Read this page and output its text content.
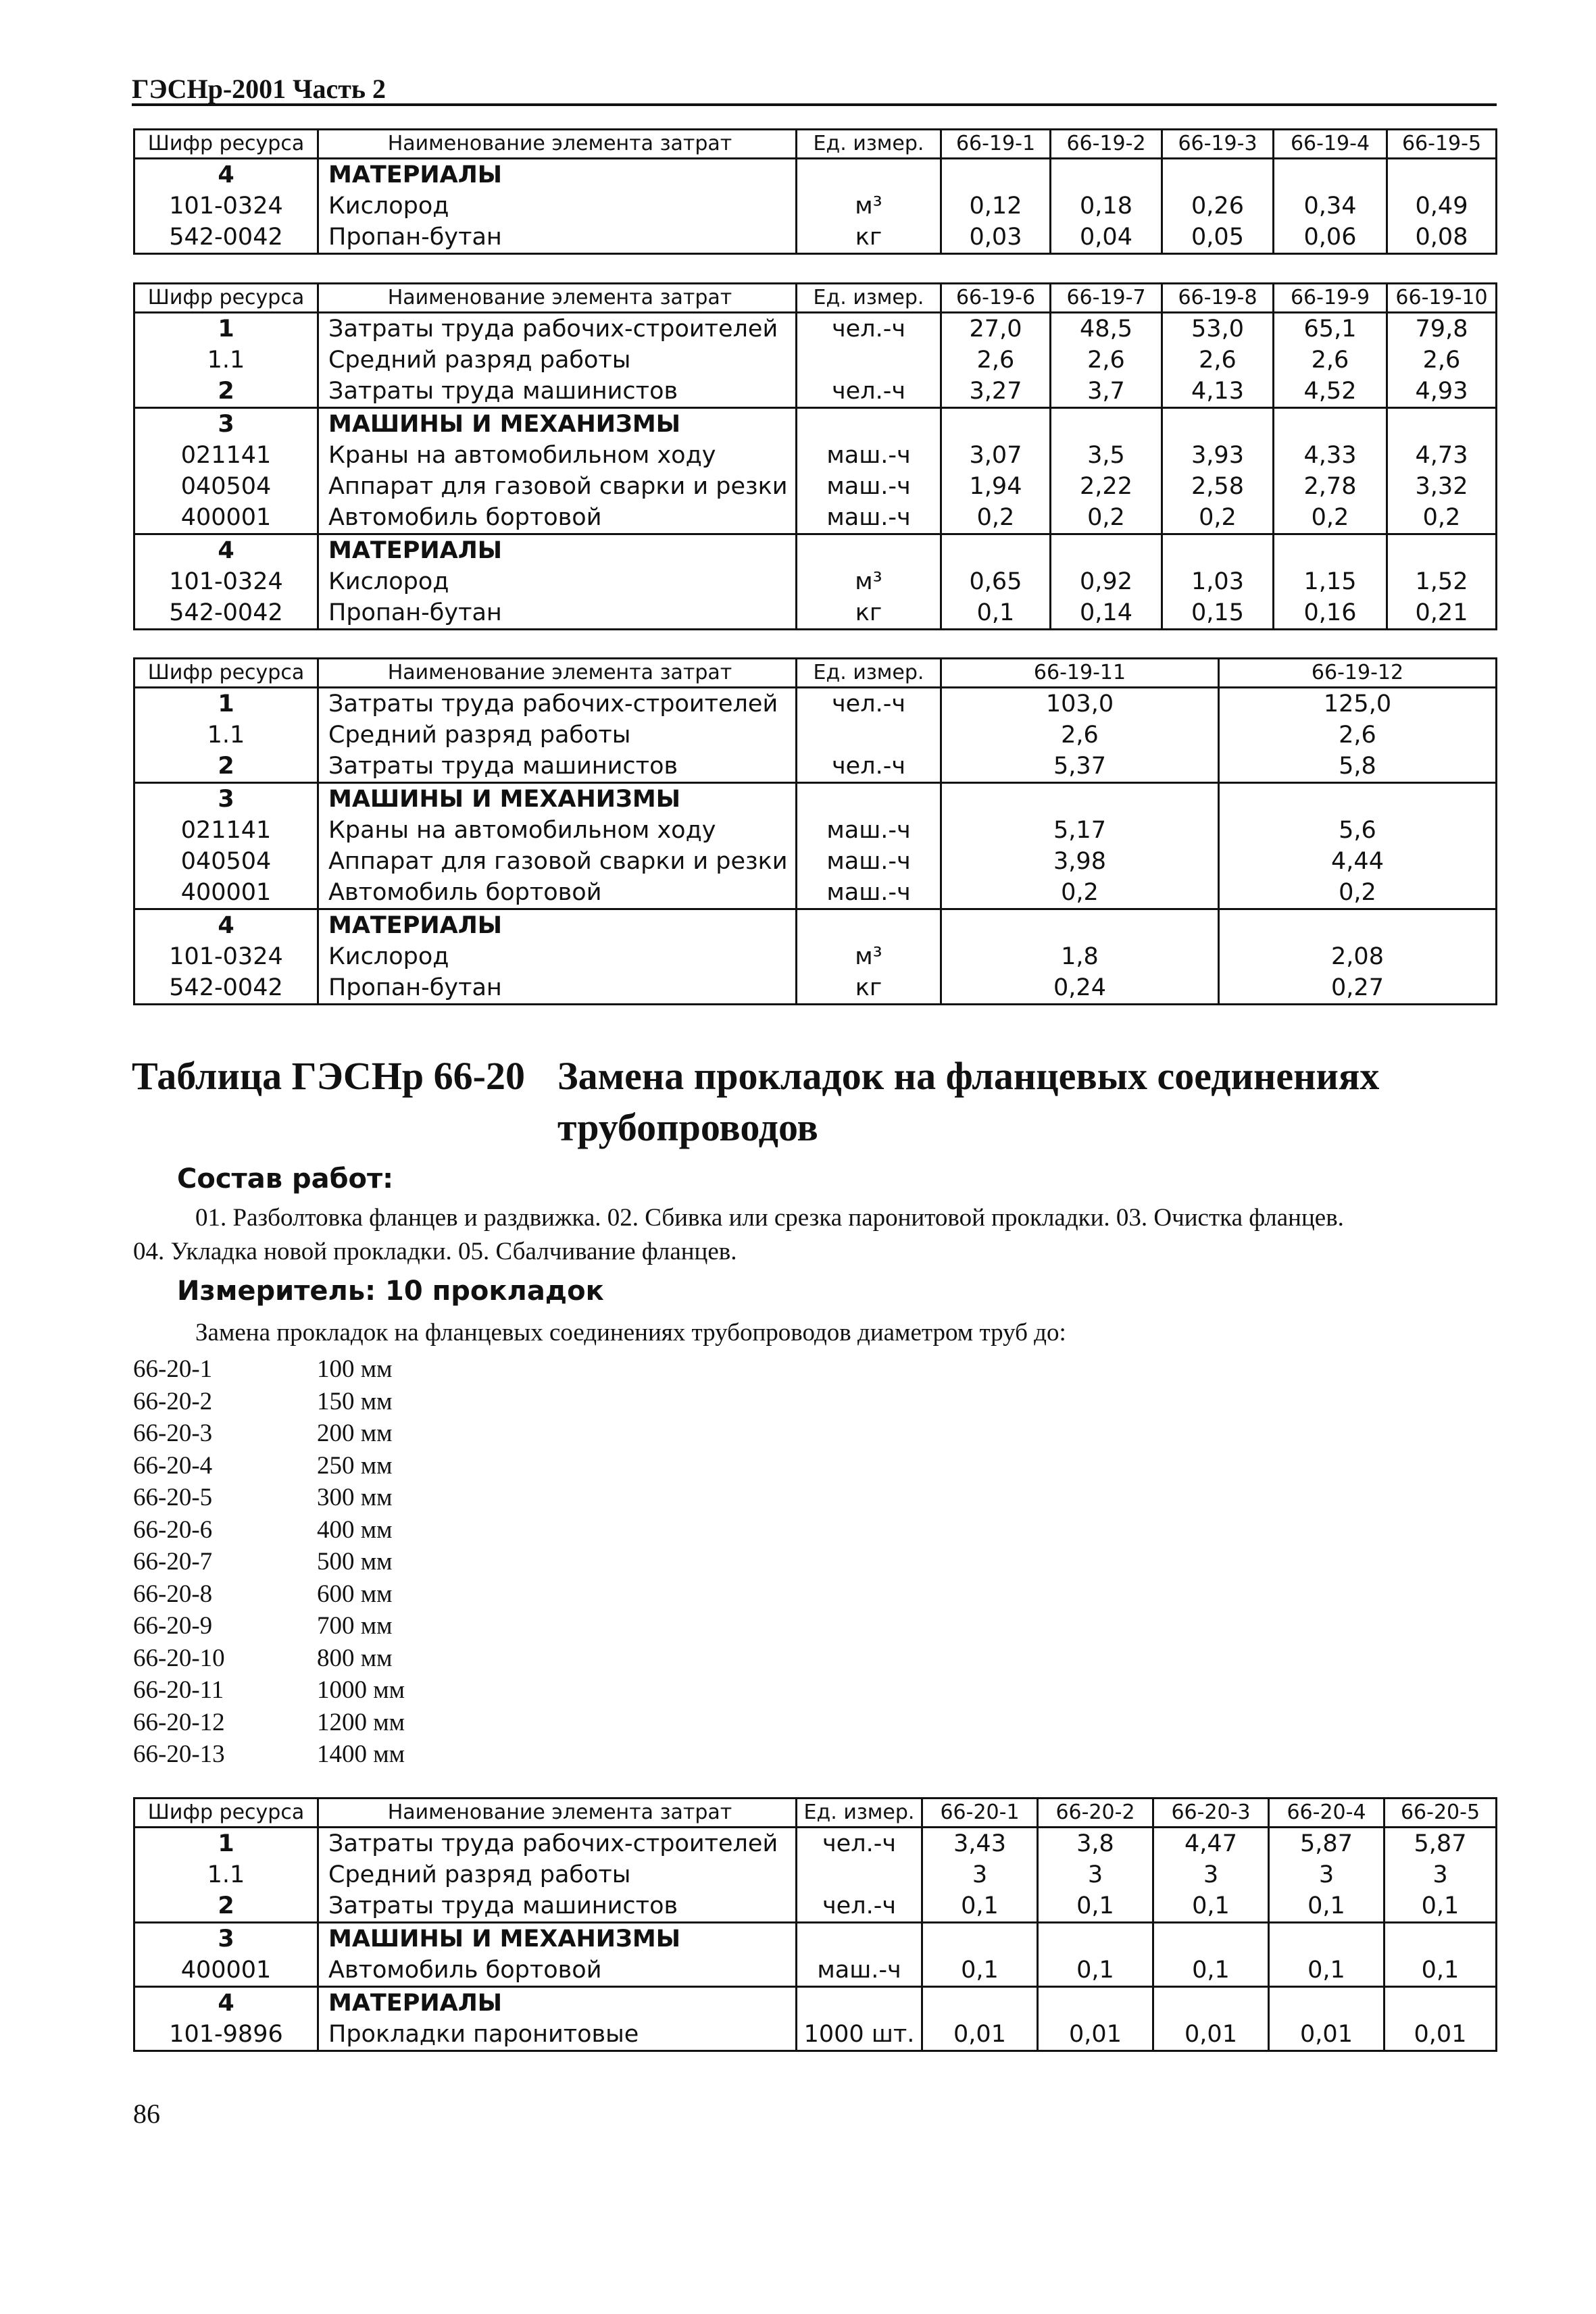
ГЭСНр-2001 Часть 2
Шифр ресурса	Наименование элемента затрат	Ед. измер.	66-19-1	66-19-2	66-19-3	66-19-4	66-19-5
4	МАТЕРИАЛЫ						
101-0324	Кислород	м³	0,12	0,18	0,26	0,34	0,49
542-0042	Пропан-бутан	кг	0,03	0,04	0,05	0,06	0,08
Шифр ресурса	Наименование элемента затрат	Ед. измер.	66-19-6	66-19-7	66-19-8	66-19-9	66-19-10
1	Затраты труда рабочих-строителей	чел.-ч	27,0	48,5	53,0	65,1	79,8
1.1	Средний разряд работы		2,6	2,6	2,6	2,6	2,6
2	Затраты труда машинистов	чел.-ч	3,27	3,7	4,13	4,52	4,93
3	МАШИНЫ И МЕХАНИЗМЫ						
021141	Краны на автомобильном ходу	маш.-ч	3,07	3,5	3,93	4,33	4,73
040504	Аппарат для газовой сварки и резки	маш.-ч	1,94	2,22	2,58	2,78	3,32
400001	Автомобиль бортовой	маш.-ч	0,2	0,2	0,2	0,2	0,2
4	МАТЕРИАЛЫ						
101-0324	Кислород	м³	0,65	0,92	1,03	1,15	1,52
542-0042	Пропан-бутан	кг	0,1	0,14	0,15	0,16	0,21
Шифр ресурса	Наименование элемента затрат	Ед. измер.	66-19-11	66-19-12
1	Затраты труда рабочих-строителей	чел.-ч	103,0	125,0
1.1	Средний разряд работы		2,6	2,6
2	Затраты труда машинистов	чел.-ч	5,37	5,8
3	МАШИНЫ И МЕХАНИЗМЫ			
021141	Краны на автомобильном ходу	маш.-ч	5,17	5,6
040504	Аппарат для газовой сварки и резки	маш.-ч	3,98	4,44
400001	Автомобиль бортовой	маш.-ч	0,2	0,2
4	МАТЕРИАЛЫ			
101-0324	Кислород	м³	1,8	2,08
542-0042	Пропан-бутан	кг	0,24	0,27
Таблица ГЭСНр 66-20 Замена прокладок на фланцевых соединениях трубопроводов
Состав работ:
01. Разболтовка фланцев и раздвижка. 02. Сбивка или срезка паронитовой прокладки. 03. Очистка фланцев.
04. Укладка новой прокладки. 05. Сбалчивание фланцев.
Измеритель: 10 прокладок
Замена прокладок на фланцевых соединениях трубопроводов диаметром труб до:
66-20-1	100 мм
66-20-2	150 мм
66-20-3	200 мм
66-20-4	250 мм
66-20-5	300 мм
66-20-6	400 мм
66-20-7	500 мм
66-20-8	600 мм
66-20-9	700 мм
66-20-10	800 мм
66-20-11	1000 мм
66-20-12	1200 мм
66-20-13	1400 мм
Шифр ресурса	Наименование элемента затрат	Ед. измер.	66-20-1	66-20-2	66-20-3	66-20-4	66-20-5
1	Затраты труда рабочих-строителей	чел.-ч	3,43	3,8	4,47	5,87	5,87
1.1	Средний разряд работы		3	3	3	3	3
2	Затраты труда машинистов	чел.-ч	0,1	0,1	0,1	0,1	0,1
3	МАШИНЫ И МЕХАНИЗМЫ						
400001	Автомобиль бортовой	маш.-ч	0,1	0,1	0,1	0,1	0,1
4	МАТЕРИАЛЫ						
101-9896	Прокладки паронитовые	1000 шт.	0,01	0,01	0,01	0,01	0,01
86
